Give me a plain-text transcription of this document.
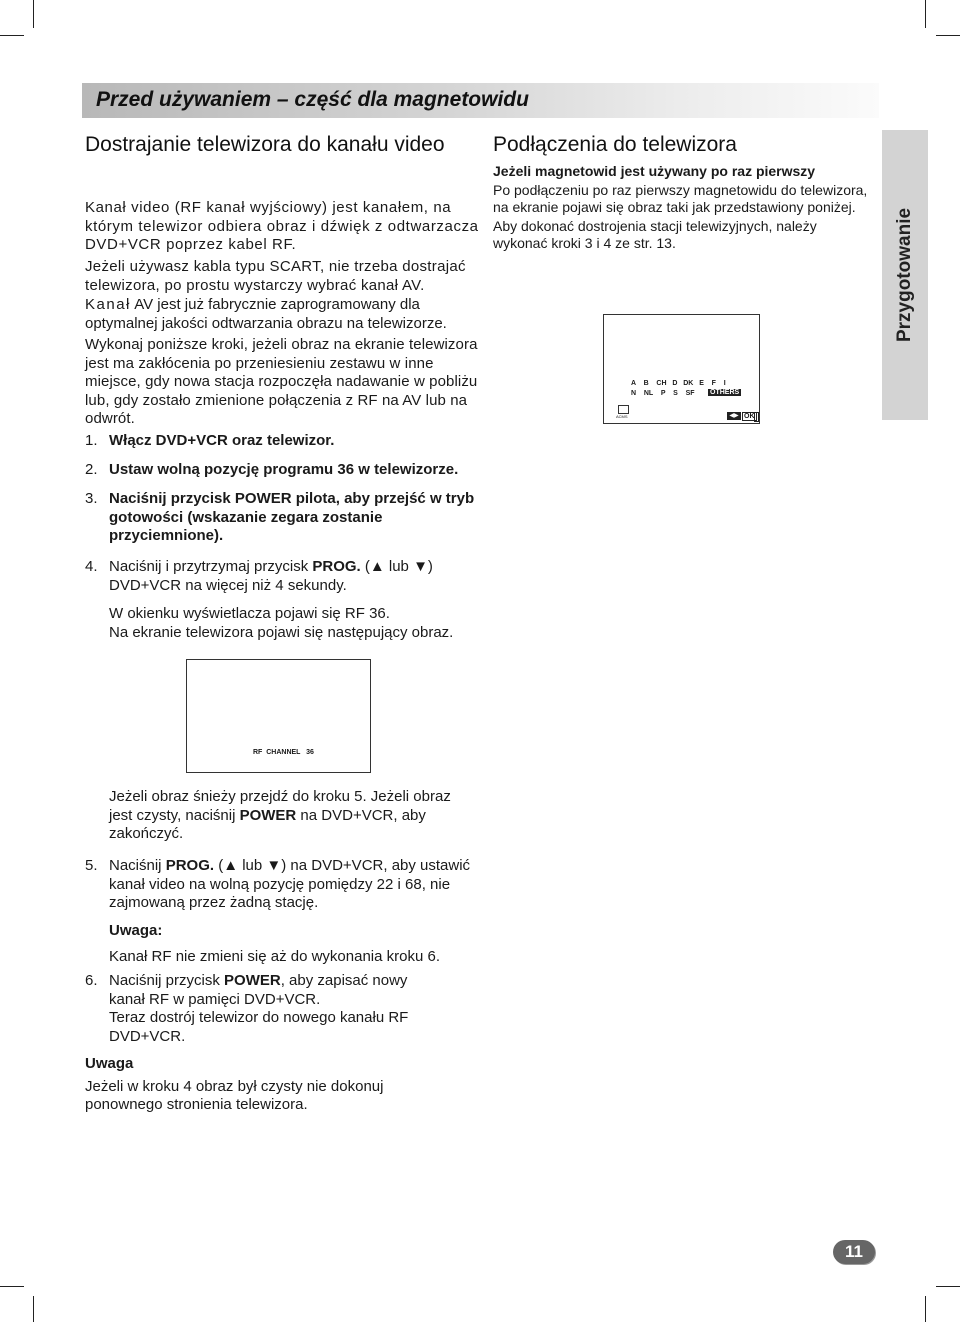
Przed używaniem – część dla magnetowidu
Przygotowanie
Dostrajanie telewizora do kanału video

Kanał video (RF kanał wyjściowy) jest kanałem, na którym telewizor odbiera obraz i dźwięk z odtwarzacza DVD+VCR poprzez kabel RF.

Jeżeli używasz kabla typu SCART, nie trzeba dostrajać telewizora, po prostu wystarczy wybrać kanał AV.

Kanał AV jest już fabrycznie zaprogramowany dla optymalnej jakości odtwarzania obrazu na telewizorze.

Wykonaj poniższe kroki, jeżeli obraz na ekranie telewizora jest ma zakłócenia po przeniesieniu zestawu w inne miejsce, gdy nowa stacja rozpoczęła nadawanie w pobliżu lub, gdy zostało zmienione połączenia z RF na AV lub na odwrót.

1. Włącz DVD+VCR oraz telewizor.

2. Ustaw wolną pozycję programu 36 w telewizorze.

3. Naciśnij przycisk POWER pilota, aby przejść w tryb gotowości (wskazanie zegara zostanie przyciemnione).

4. Naciśnij i przytrzymaj przycisk PROG. (▲ lub ▼) DVD+VCR na więcej niż 4 sekundy.

W okienku wyświetlacza pojawi się RF 36.

Na ekranie telewizora pojawi się następujący obraz.

RF  CHANNEL   36

Jeżeli obraz śnieży przejdź do kroku 5. Jeżeli obraz jest czysty, naciśnij POWER na DVD+VCR, aby zakończyć.

5. Naciśnij PROG. (▲ lub ▼) na DVD+VCR, aby ustawić kanał video na wolną pozycję pomiędzy 22 i 68, nie zajmowaną przez żadną stację.

Uwaga:

Kanał RF nie zmieni się aż do wykonania kroku 6.

6. Naciśnij przycisk POWER, aby zapisać nowy kanał RF w pamięci DVD+VCR.

Teraz dostrój telewizor do nowego kanału RF DVD+VCR.

Uwaga

Jeżeli w kroku 4 obraz był czysty nie dokonuj ponownego stronienia telewizora.

Podłączenia do telewizora

Jeżeli magnetowid jest używany po raz pierwszy

Po podłączeniu po raz pierwszy magnetowidu do telewizora, na ekranie pojawi się obraz taki jak przedstawiony poniżej.

Aby dokonać dostrojenia stacji telewizyjnych, należy wykonać kroki 3 i 4 ze str. 13.

A    B    CH   D   DK   E    F    I
N    NL    P    S    SF OTHERS
ACMS	◀▶ OK
11
